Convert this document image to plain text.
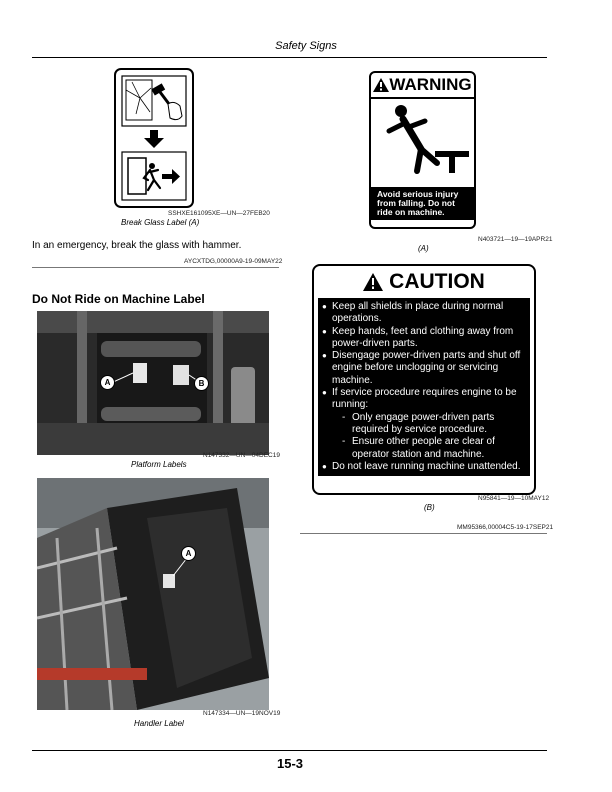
Safety Signs
SSHXE161095XE—UN—27FEB20
Break Glass Label (A)
In an emergency, break the glass with hammer.
AYCXTDG,00000A9-19-09MAY22
Do Not Ride on Machine Label
A	B
N147332—UN—04DEC19
Platform Labels
A
N147334—UN—19NOV19
Handler Label
WARNING
Avoid serious injury from falling. Do not ride on machine.
N403721—19—19APR21
(A)
CAUTION
● Keep all shields in place during normal operations.
● Keep hands, feet and clothing away from power-driven parts.
● Disengage power-driven parts and shut off engine before unclogging or servicing machine.
● If service procedure requires engine to be running:
- Only engage power-driven parts required by service procedure.
- Ensure other people are clear of operator station and machine.
● Do not leave running machine unattended.
N95841—19—10MAY12
(B)
MM95366,00004C5-19-17SEP21
15-3
